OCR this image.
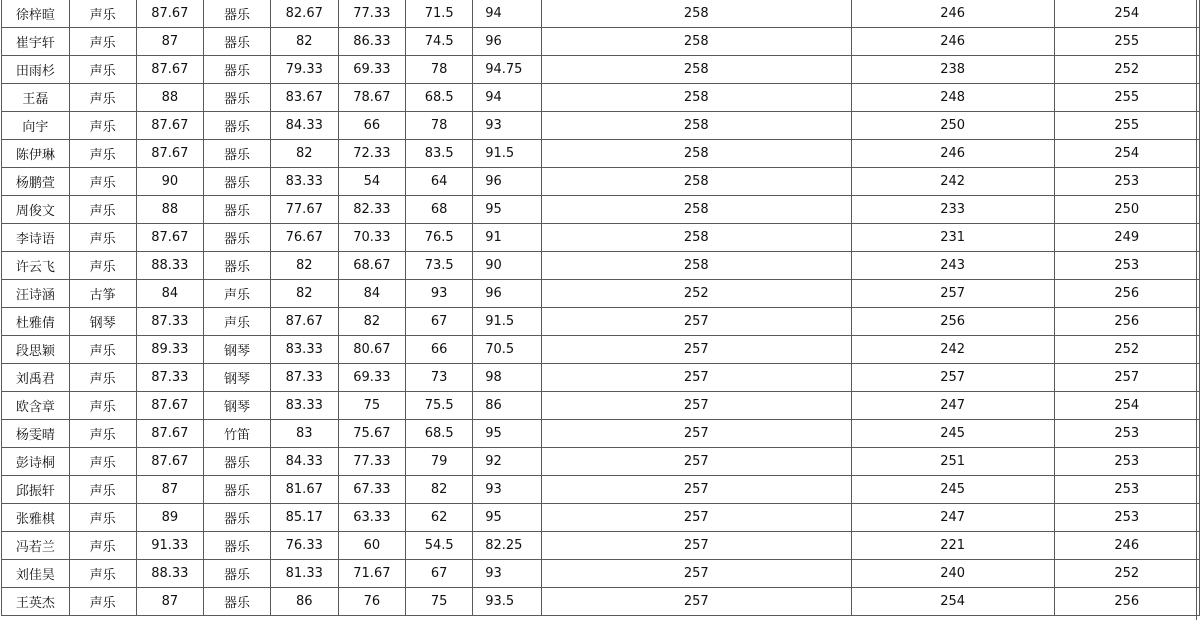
徐梓暄	声乐	87.67	器乐	82.67	77.33	71.5	94	258	246	254
崔宇轩	声乐	87	器乐	82	86.33	74.5	96	258	246	255
田雨杉	声乐	87.67	器乐	79.33	69.33	78	94.75	258	238	252
王磊	声乐	88	器乐	83.67	78.67	68.5	94	258	248	255
向宇	声乐	87.67	器乐	84.33	66	78	93	258	250	255
陈伊琳	声乐	87.67	器乐	82	72.33	83.5	91.5	258	246	254
杨鹏萱	声乐	90	器乐	83.33	54	64	96	258	242	253
周俊文	声乐	88	器乐	77.67	82.33	68	95	258	233	250
李诗语	声乐	87.67	器乐	76.67	70.33	76.5	91	258	231	249
许云飞	声乐	88.33	器乐	82	68.67	73.5	90	258	243	253
汪诗涵	古筝	84	声乐	82	84	93	96	252	257	256
杜雅倩	钢琴	87.33	声乐	87.67	82	67	91.5	257	256	256
段思颖	声乐	89.33	钢琴	83.33	80.67	66	70.5	257	242	252
刘禹君	声乐	87.33	钢琴	87.33	69.33	73	98	257	257	257
欧含章	声乐	87.67	钢琴	83.33	75	75.5	86	257	247	254
杨雯晴	声乐	87.67	竹笛	83	75.67	68.5	95	257	245	253
彭诗桐	声乐	87.67	器乐	84.33	77.33	79	92	257	251	253
邱振轩	声乐	87	器乐	81.67	67.33	82	93	257	245	253
张雅棋	声乐	89	器乐	85.17	63.33	62	95	257	247	253
冯若兰	声乐	91.33	器乐	76.33	60	54.5	82.25	257	221	246
刘佳昊	声乐	88.33	器乐	81.33	71.67	67	93	257	240	252
王英杰	声乐	87	器乐	86	76	75	93.5	257	254	256
